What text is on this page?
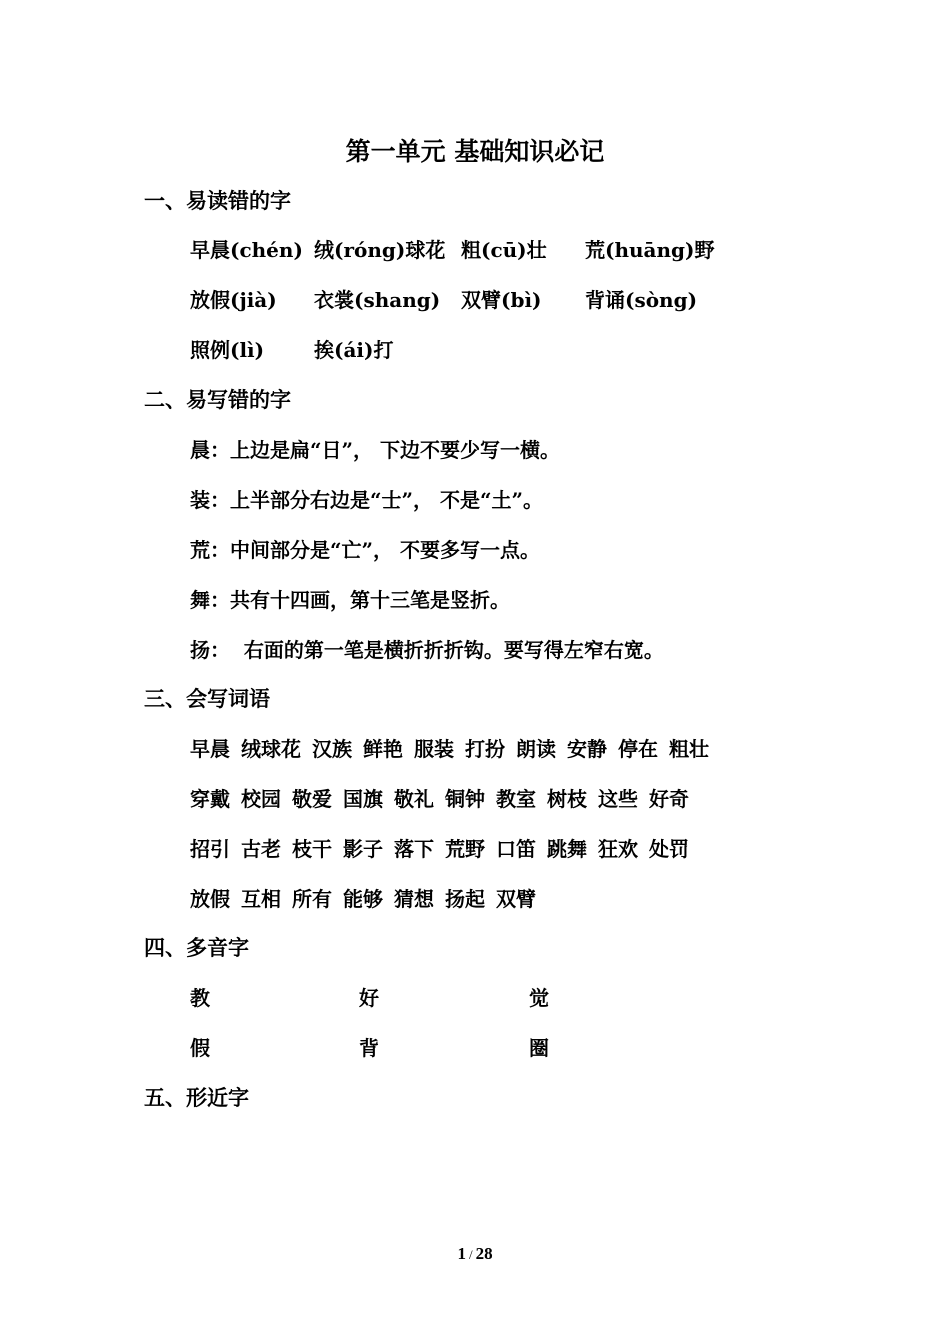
第一单元 基础知识必记
一、易读错的字
早晨(chén) 绒(róng)球花 粗(cū)壮 荒(huāng)野
放假(jià) 衣裳(shang) 双臂(bì) 背诵(sòng)
照例(lì) 挨(ái)打
二、易写错的字
晨：上边是扁“日”， 下边不要少写一横。
装：上半部分右边是“士”， 不是“土”。
荒：中间部分是“亡”， 不要多写一点。
舞：共有十四画，第十三笔是竖折。
扬：  右面的第一笔是横折折折钩。要写得左窄右宽。
三、会写词语
早晨 绒球花 汉族 鲜艳 服装 打扮 朗读 安静 停在 粗壮
穿戴 校园 敬爱 国旗 敬礼 铜钟 教室 树枝 这些 好奇
招引 古老 枝干 影子 落下 荒野 口笛 跳舞 狂欢 处罚
放假 互相 所有 能够 猜想 扬起 双臂
四、多音字
教	好	觉
假	背	圈
五、形近字
1 / 28
